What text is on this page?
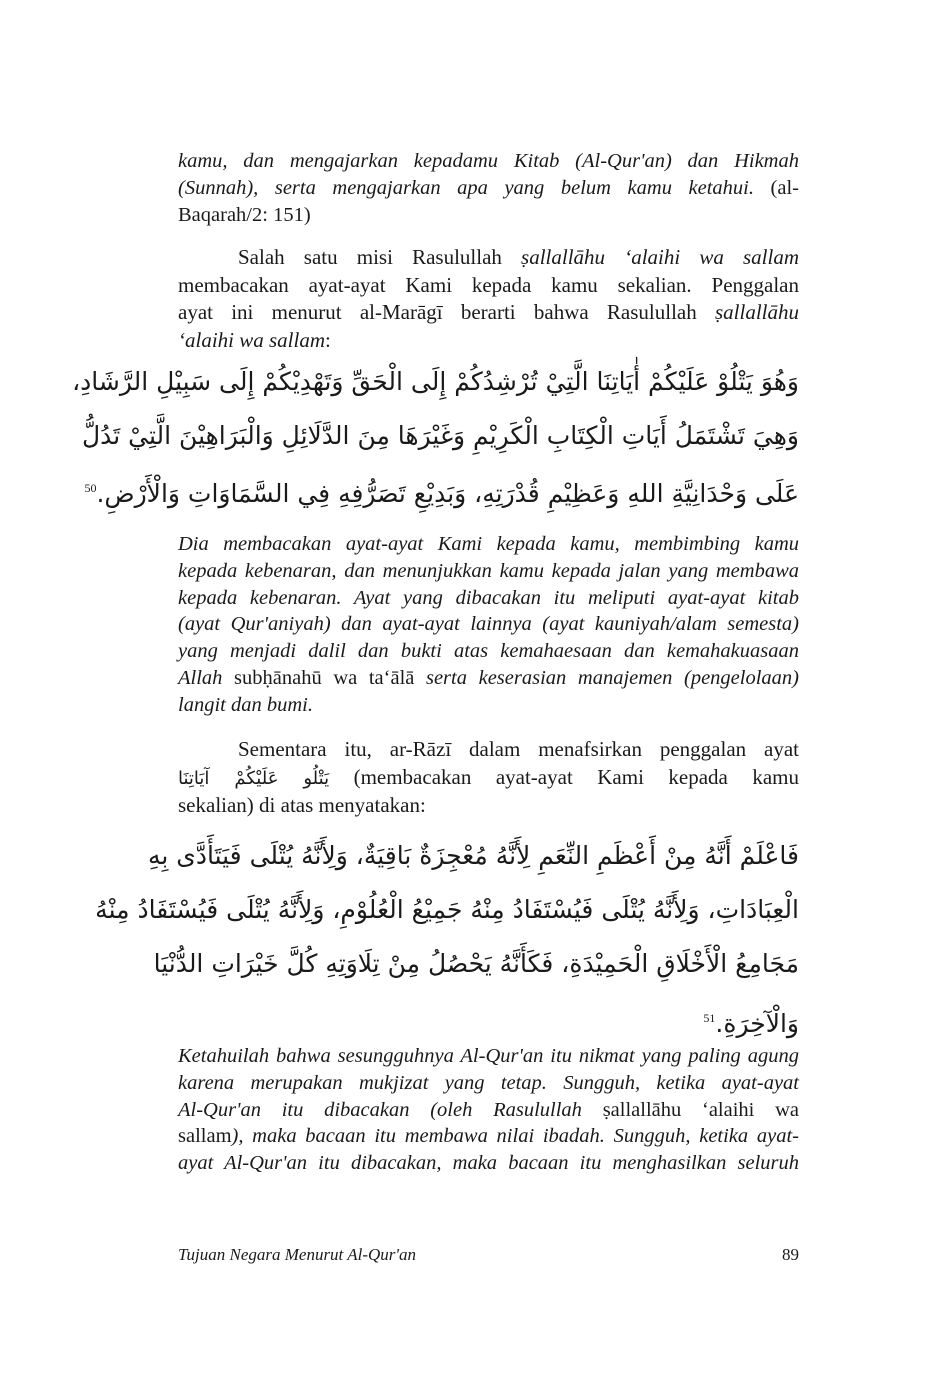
kamu, dan mengajarkan kepadamu Kitab (Al-Qur'an) dan Hikmah
(Sunnah), serta mengajarkan apa yang belum kamu ketahui. (al-
Baqarah/2: 151)
Salah satu misi Rasulullah ṣallallāhu ‘alaihi wa sallam
membacakan ayat-ayat Kami kepada kamu sekalian. Penggalan
ayat ini menurut al-Marāgī berarti bahwa Rasulullah ṣallallāhu
‘alaihi wa sallam:
وَهُوَ يَتْلُوْ عَلَيْكُمْ أٰيَاتِنَا الَّتِيْ تُرْشِدُكُمْ إِلَى الْحَقِّ وَتَهْدِيْكُمْ إِلَى سَبِيْلِ الرَّشَادِ،
وَهِيَ تَشْتَمَلُ أَيَاتِ الْكِتَابِ الْكَرِيْمِ وَغَيْرَهَا مِنَ الدَّلَائِلِ وَالْبَرَاهِيْنَ الَّتِيْ تَدُلُّ
عَلَى وَحْدَانِيَّةِ اللهِ وَعَظِيْمِ قُدْرَتِهِ، وَبَدِيْعِ تَصَرُّفِهِ فِي السَّمَاوَاتِ وَالْأَرْضِ.$^{50}$
Dia membacakan ayat-ayat Kami kepada kamu, membimbing kamu
kepada kebenaran, dan menunjukkan kamu kepada jalan yang membawa
kepada kebenaran. Ayat yang dibacakan itu meliputi ayat-ayat kitab
(ayat Qur'aniyah) dan ayat-ayat lainnya (ayat kauniyah/alam semesta)
yang menjadi dalil dan bukti atas kemahaesaan dan kemahakuasaan
Allah subḥānahū wa ta‘ālā serta keserasian manajemen (pengelolaan)
langit dan bumi.
Sementara itu, ar-Rāzī dalam menafsirkan penggalan ayat
يَتْلُو عَلَيْكُمْ آيَاتِنَا (membacakan ayat-ayat Kami kepada kamu
sekalian) di atas menyatakan:
فَاعْلَمْ أَنَّهُ مِنْ أَعْظَمِ النِّعَمِ لِأَنَّهُ مُعْجِزَةٌ بَاقِيَةٌ، وَلِأَنَّهُ يُتْلَى فَيَتَأَدَّى بِهِ
الْعِبَادَاتِ، وَلِأَنَّهُ يُتْلَى فَيُسْتَفَادُ مِنْهُ جَمِيْعُ الْعُلُوْمِ، وَلِأَنَّهُ يُتْلَى فَيُسْتَفَادُ مِنْهُ
مَجَامِعُ الْأَخْلَاقِ الْحَمِيْدَةِ، فَكَأَنَّهُ يَحْصُلُ مِنْ تِلَاوَتِهِ كُلَّ خَيْرَاتِ الدُّنْيَا
وَالْآخِرَةِ.$^{51}$
Ketahuilah bahwa sesungguhnya Al-Qur'an itu nikmat yang paling agung
karena merupakan mukjizat yang tetap. Sungguh, ketika ayat-ayat
Al-Qur'an itu dibacakan (oleh Rasulullah ṣallallāhu ‘alaihi wa
sallam), maka bacaan itu membawa nilai ibadah. Sungguh, ketika ayat-
ayat Al-Qur'an itu dibacakan, maka bacaan itu menghasilkan seluruh
Tujuan Negara Menurut Al-Qur'an	89
